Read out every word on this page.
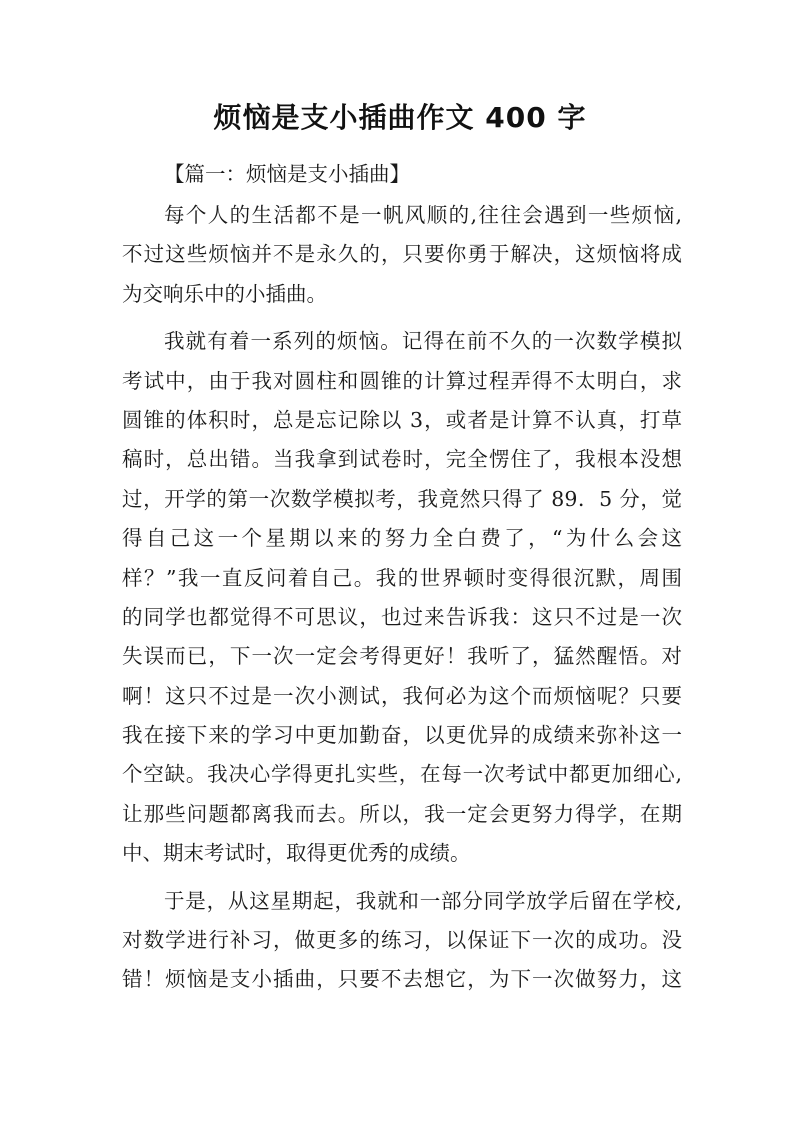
烦恼是支小插曲作文 400 字
【篇一：烦恼是支小插曲】
每个人的生活都不是一帆风顺的,往往会遇到一些烦恼,
不过这些烦恼并不是永久的，只要你勇于解决，这烦恼将成
为交响乐中的小插曲。
我就有着一系列的烦恼。记得在前不久的一次数学模拟
考试中，由于我对圆柱和圆锥的计算过程弄得不太明白，求
圆锥的体积时，总是忘记除以 3，或者是计算不认真，打草
稿时，总出错。当我拿到试卷时，完全愣住了，我根本没想
过，开学的第一次数学模拟考，我竟然只得了 89．5 分，觉
得自己这一个星期以来的努力全白费了，“为什么会这
样？”我一直反问着自己。我的世界顿时变得很沉默，周围
的同学也都觉得不可思议，也过来告诉我：这只不过是一次
失误而已，下一次一定会考得更好！我听了，猛然醒悟。对
啊！这只不过是一次小测试，我何必为这个而烦恼呢？只要
我在接下来的学习中更加勤奋，以更优异的成绩来弥补这一
个空缺。我决心学得更扎实些，在每一次考试中都更加细心,
让那些问题都离我而去。所以，我一定会更努力得学，在期
中、期末考试时，取得更优秀的成绩。
于是，从这星期起，我就和一部分同学放学后留在学校,
对数学进行补习，做更多的练习，以保证下一次的成功。没
错！烦恼是支小插曲，只要不去想它，为下一次做努力，这
